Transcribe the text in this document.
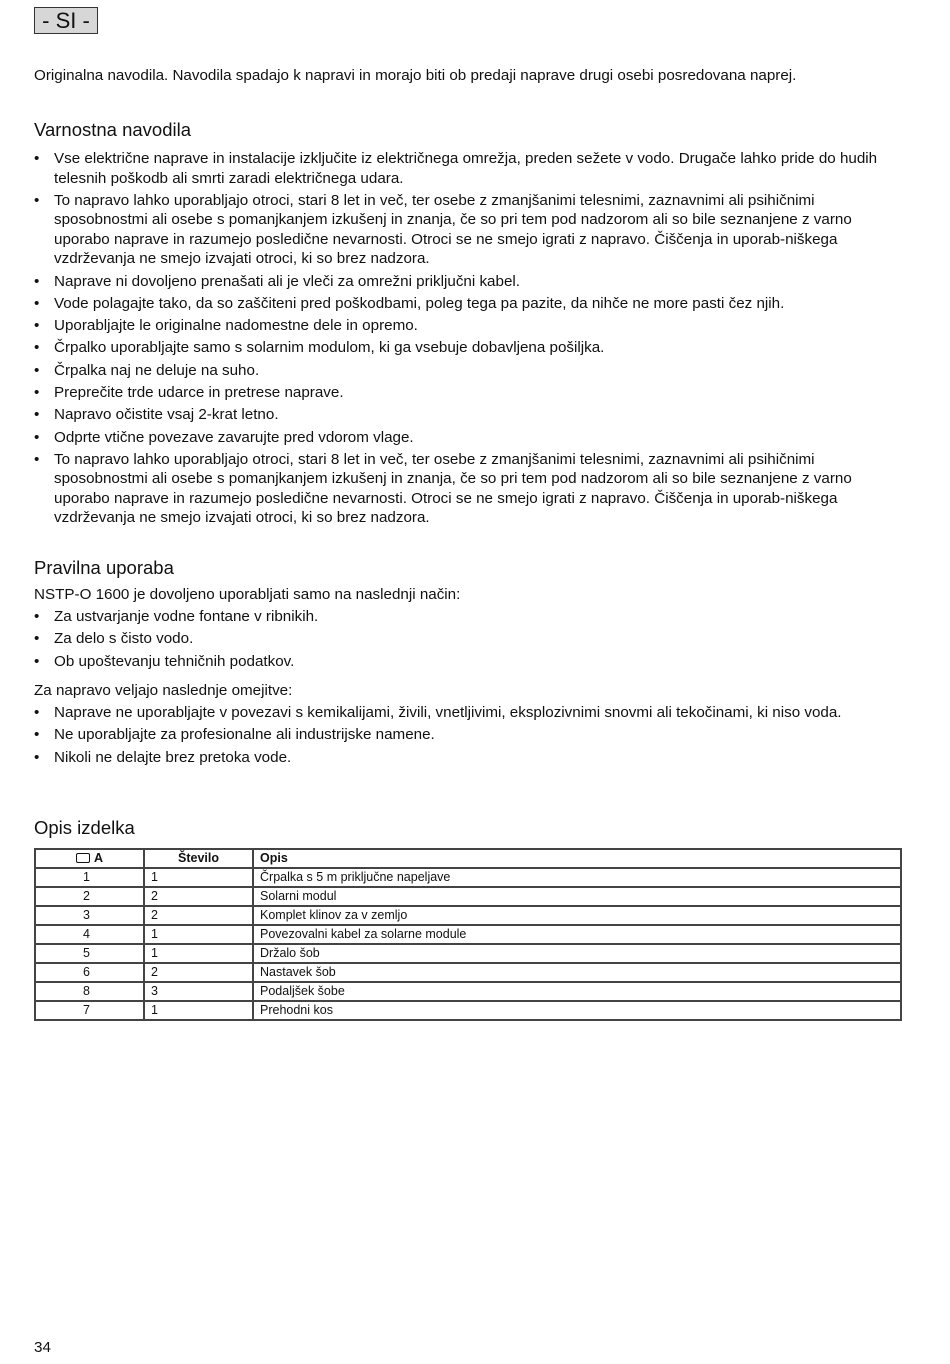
- SI -

Originalna navodila. Navodila spadajo k napravi in morajo biti ob predaji naprave drugi osebi posredovana naprej.

Varnostna navodila
• Vse električne naprave in instalacije izključite iz električnega omrežja, preden sežete v vodo. Drugače lahko pride do hudih telesnih poškodb ali smrti zaradi električnega udara.
• To napravo lahko uporabljajo otroci, stari 8 let in več, ter osebe z zmanjšanimi telesnimi, zaznavnimi ali psihičnimi sposobnostmi ali osebe s pomanjkanjem izkušenj in znanja, če so pri tem pod nadzorom ali so bile seznanjene z varno uporabo naprave in razumejo posledične nevarnosti. Otroci se ne smejo igrati z napravo. Čiščenja in uporab-niškega vzdrževanja ne smejo izvajati otroci, ki so brez nadzora.
• Naprave ni dovoljeno prenašati ali je vleči za omrežni priključni kabel.
• Vode polagajte tako, da so zaščiteni pred poškodbami, poleg tega pa pazite, da nihče ne more pasti čez njih.
• Uporabljajte le originalne nadomestne dele in opremo.
• Črpalko uporabljajte samo s solarnim modulom, ki ga vsebuje dobavljena pošiljka.
• Črpalka naj ne deluje na suho.
• Preprečite trde udarce in pretrese naprave.
• Napravo očistite vsaj 2-krat letno.
• Odprte vtične povezave zavarujte pred vdorom vlage.
• To napravo lahko uporabljajo otroci, stari 8 let in več, ter osebe z zmanjšanimi telesnimi, zaznavnimi ali psihičnimi sposobnostmi ali osebe s pomanjkanjem izkušenj in znanja, če so pri tem pod nadzorom ali so bile seznanjene z varno uporabo naprave in razumejo posledične nevarnosti. Otroci se ne smejo igrati z napravo. Čiščenja in uporab-niškega vzdrževanja ne smejo izvajati otroci, ki so brez nadzora.
Pravilna uporaba

NSTP-O 1600 je dovoljeno uporabljati samo na naslednji način:

• Za ustvarjanje vodne fontane v ribnikih.
• Za delo s čisto vodo.
• Ob upoštevanju tehničnih podatkov.

Za napravo veljajo naslednje omejitve:

• Naprave ne uporabljajte v povezavi s kemikalijami, živili, vnetljivimi, eksplozivnimi snovmi ali tekočinami, ki niso voda.
• Ne uporabljajte za profesionalne ali industrijske namene.
• Nikoli ne delajte brez pretoka vode.
Opis izdelka
A	Število	Opis
1	1	Črpalka s 5 m priključne napeljave
2	2	Solarni modul
3	2	Komplet klinov za v zemljo
4	1	Povezovalni kabel za solarne module
5	1	Držalo šob
6	2	Nastavek šob
8	3	Podaljšek šobe
7	1	Prehodni kos
34
